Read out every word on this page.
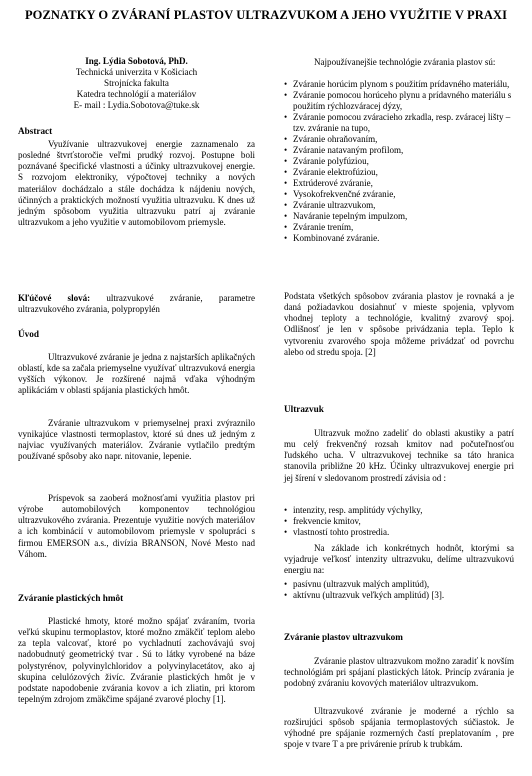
POZNATKY O ZVÁRANÍ PLASTOV ULTRAZVUKOM A JEHO VYUŽITIE V PRAXI
Ing. Lýdia Sobotová, PhD.
Technická univerzita v Košiciach
Strojnícka fakulta
Katedra technológií a materiálov
E- mail : Lydia.Sobotova@tuke.sk
Abstract

Využívanie ultrazvukovej energie zaznamenalo za posledné štvrťstoročie veľmi prudký rozvoj. Postupne boli poznávané špecifické vlastnosti a účinky ultrazvukovej energie. S rozvojom elektroniky, výpočtovej techniky a nových materiálov dochádzalo a stále dochádza k nájdeniu nových, účinných a praktických možností využitia ultrazvuku. K dnes už jedným spôsobom využitia ultrazvuku patrí aj zváranie ultrazvukom a jeho využitie v automobilovom priemysle.

Kľúčové slová: ultrazvukové zváranie, parametre ultrazvukového zvárania, polypropylén

Úvod

Ultrazvukové zváranie je jedna z najstarších aplikačných oblastí, kde sa začala priemyselne využívať ultrazvuková energia vyšších výkonov. Je rozšírené najmä vďaka výhodným aplikáciám v oblasti spájania plastických hmôt.

Zváranie ultrazvukom v priemyselnej praxi zvýraznilo vynikajúce vlastnosti termoplastov, ktoré sú dnes už jedným z najviac využívaných materiálov. Zváranie vytlačilo predtým používané spôsoby ako napr. nitovanie, lepenie.

Príspevok sa zaoberá možnosťami využitia plastov pri výrobe automobilových komponentov technológiou ultrazvukového zvárania. Prezentuje využitie nových materiálov a ich kombinácií v automobilovom priemysle v spolupráci s firmou EMERSON a.s., divízia BRANSON, Nové Mesto nad Váhom.

Zváranie plastických hmôt

Plastické hmoty, ktoré možno spájať zváraním, tvoria veľkú skupinu termoplastov, ktoré možno zmäkčiť teplom alebo za tepla valcovať, ktoré po vychladnutí zachovávajú svoj nadobudnutý geometrický tvar . Sú to látky vyrobené na báze polystyrénov, polyvinylchloridov a polyvinylacetátov, ako aj skupina celulózových živíc. Zváranie plastických hmôt je v podstate napodobenie zvárania kovov a ich zliatin, pri ktorom tepelným zdrojom zmäkčime spájané zvarové plochy [1].

Najpoužívanejšie technológie zvárania plastov sú:

• Zváranie horúcim plynom s použitím prídavného materiálu,
• Zváranie pomocou horúceho plynu a prídavného materiálu s použitím rýchlozváracej dýzy,
• Zváranie pomocou zváracieho zrkadla, resp. zváracej lišty – tzv. zváranie na tupo,
• Zváranie ohraňovaním,
• Zváranie natavaným profilom,
• Zváranie polyfúziou,
• Zváranie elektrofúziou,
• Extrúderové zváranie,
• Vysokofrekvenčné zváranie,
• Zváranie ultrazvukom,
• Naváranie tepelným impulzom,
• Zváranie trením,
• Kombinované zváranie.

Podstata všetkých spôsobov zvárania plastov je rovnaká a je daná požiadavkou dosiahnuť v mieste spojenia, vplyvom vhodnej teploty a technológie, kvalitný zvarový spoj. Odlišnosť je len v spôsobe privádzania tepla. Teplo k vytvoreniu zvarového spoja môžeme privádzať od povrchu alebo od stredu spoja. [2]

Ultrazvuk

Ultrazvuk možno zadeliť do oblasti akustiky a patrí mu celý frekvenčný rozsah kmitov nad počuteľnosťou ľudského ucha. V ultrazvukovej technike sa táto hranica stanovila približne 20 kHz. Účinky ultrazvukovej energie pri jej šírení v sledovanom prostredí závisia od :

• intenzity, resp. amplitúdy výchylky,
• frekvencie kmitov,
• vlastností tohto prostredia.

Na základe ich konkrétnych hodnôt, ktorými sa vyjadruje veľkosť intenzity ultrazvuku, delíme ultrazvukovú energiu na:

• pasívnu (ultrazvuk malých amplitúd),
• aktívnu (ultrazvuk veľkých amplitúd) [3].
Zváranie plastov ultrazvukom

Zváranie plastov ultrazvukom možno zaradiť k novším technológiám pri spájaní plastických látok. Princíp zvárania je podobný zváraniu kovových materiálov ultrazvukom.

Ultrazvukové zváranie je moderné a rýchlo sa rozširujúci spôsob spájania termoplastových súčiastok. Je výhodné pre spájanie rozmerných častí preplatovaním , pre spoje v tvare T a pre privárenie prírub k trubkám.
